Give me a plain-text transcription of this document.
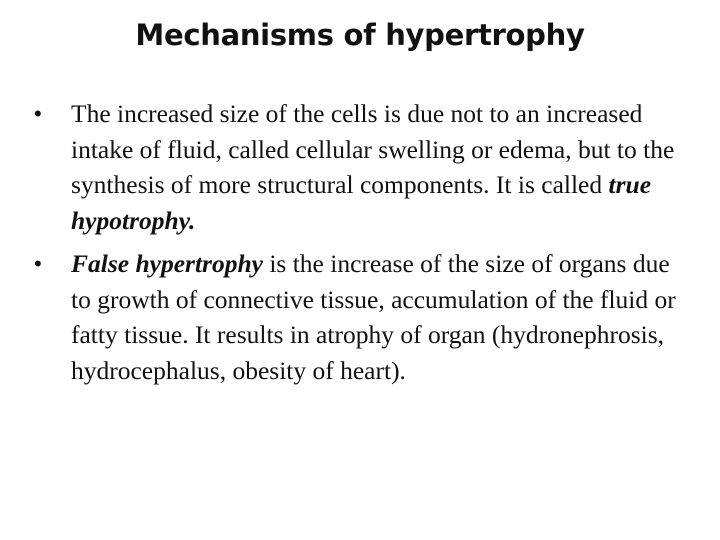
Mechanisms of hypertrophy
• The increased size of the cells is due not to an increased intake of fluid, called cellular swelling or edema, but to the synthesis of more structural components. It is called true hypotrophy.
• False hypertrophy is the increase of the size of organs due to growth of connective tissue, accumulation of the fluid or fatty tissue. It results in atrophy of organ (hydronephrosis, hydrocephalus, obesity of heart).
